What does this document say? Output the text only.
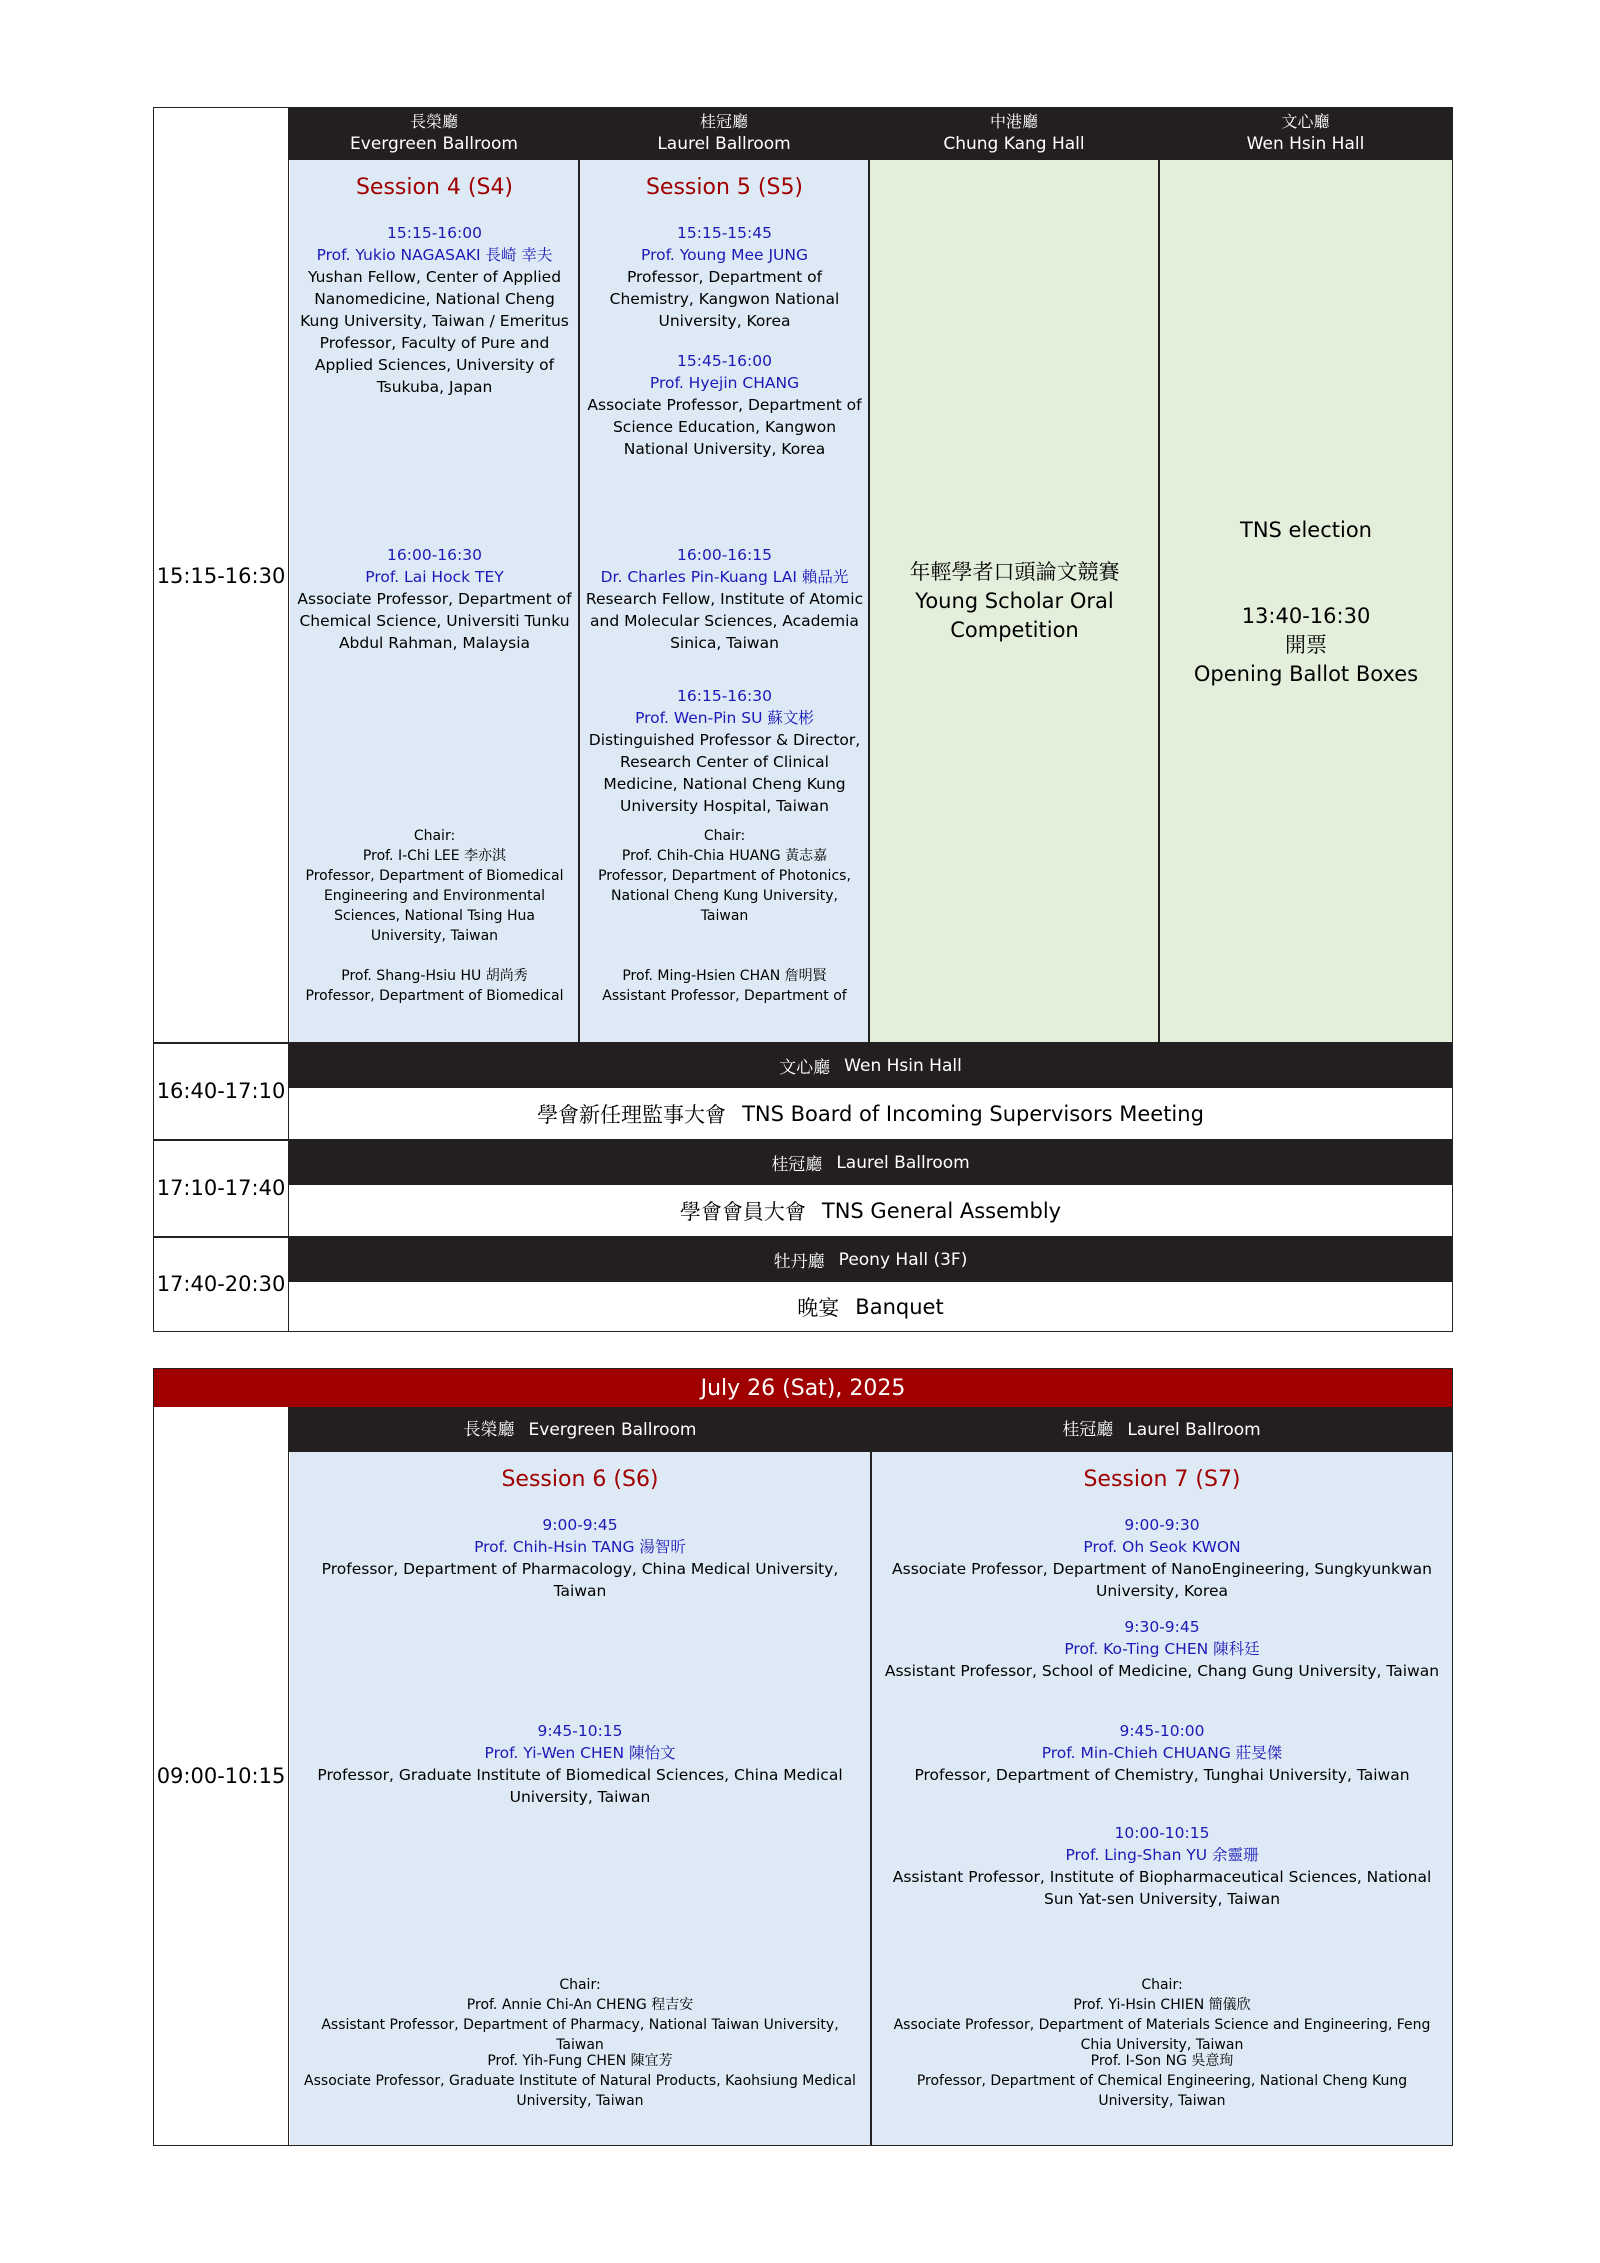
長榮廳
Evergreen Ballroom
桂冠廳
Laurel Ballroom
中港廳
Chung Kang Hall
文心廳
Wen Hsin Hall
15:15-16:30
Session 4 (S4)
15:15-16:00
Prof. Yukio NAGASAKI 長崎 幸夫
Yushan Fellow, Center of Applied
Nanomedicine, National Cheng
Kung University, Taiwan / Emeritus
Professor, Faculty of Pure and
Applied Sciences, University of
Tsukuba, Japan
16:00-16:30
Prof. Lai Hock TEY
Associate Professor, Department of
Chemical Science, Universiti Tunku
Abdul Rahman, Malaysia
Chair:
Prof. I-Chi LEE 李亦淇
Professor, Department of Biomedical
Engineering and Environmental
Sciences, National Tsing Hua
University, Taiwan
Prof. Shang-Hsiu HU 胡尚秀
Professor, Department of Biomedical
Session 5 (S5)
15:15-15:45
Prof. Young Mee JUNG
Professor, Department of
Chemistry, Kangwon National
University, Korea
15:45-16:00
Prof. Hyejin CHANG
Associate Professor, Department of
Science Education, Kangwon
National University, Korea
16:00-16:15
Dr. Charles Pin-Kuang LAI 賴品光
Research Fellow, Institute of Atomic
and Molecular Sciences, Academia
Sinica, Taiwan
16:15-16:30
Prof. Wen-Pin SU 蘇文彬
Distinguished Professor & Director,
Research Center of Clinical
Medicine, National Cheng Kung
University Hospital, Taiwan
Chair:
Prof. Chih-Chia HUANG 黃志嘉
Professor, Department of Photonics,
National Cheng Kung University,
Taiwan
Prof. Ming-Hsien CHAN 詹明賢
Assistant Professor, Department of
年輕學者口頭論文競賽
Young Scholar Oral
Competition
TNS election
13:40-16:30
開票
Opening Ballot Boxes
16:40-17:10
文心廳 Wen Hsin Hall
學會新任理監事大會 TNS Board of Incoming Supervisors Meeting
17:10-17:40
桂冠廳 Laurel Ballroom
學會會員大會 TNS General Assembly
17:40-20:30
牡丹廳 Peony Hall (3F)
晚宴 Banquet
July 26 (Sat), 2025
長榮廳 Evergreen Ballroom	桂冠廳 Laurel Ballroom
09:00-10:15
Session 6 (S6)
9:00-9:45
Prof. Chih-Hsin TANG 湯智昕
Professor, Department of Pharmacology, China Medical University,
Taiwan
9:45-10:15
Prof. Yi-Wen CHEN 陳怡文
Professor, Graduate Institute of Biomedical Sciences, China Medical
University, Taiwan
Chair:
Prof. Annie Chi-An CHENG 程吉安
Assistant Professor, Department of Pharmacy, National Taiwan University,
Taiwan
Prof. Yih-Fung CHEN 陳宜芳
Associate Professor, Graduate Institute of Natural Products, Kaohsiung Medical
University, Taiwan
Session 7 (S7)
9:00-9:30
Prof. Oh Seok KWON
Associate Professor, Department of NanoEngineering, Sungkyunkwan
University, Korea
9:30-9:45
Prof. Ko-Ting CHEN 陳科廷
Assistant Professor, School of Medicine, Chang Gung University, Taiwan
9:45-10:00
Prof. Min-Chieh CHUANG 莊旻傑
Professor, Department of Chemistry, Tunghai University, Taiwan
10:00-10:15
Prof. Ling-Shan YU 余靈珊
Assistant Professor, Institute of Biopharmaceutical Sciences, National
Sun Yat-sen University, Taiwan
Chair:
Prof. Yi-Hsin CHIEN 簡儀欣
Associate Professor, Department of Materials Science and Engineering, Feng
Chia University, Taiwan
Prof. I-Son NG 吳意珣
Professor, Department of Chemical Engineering, National Cheng Kung
University, Taiwan
